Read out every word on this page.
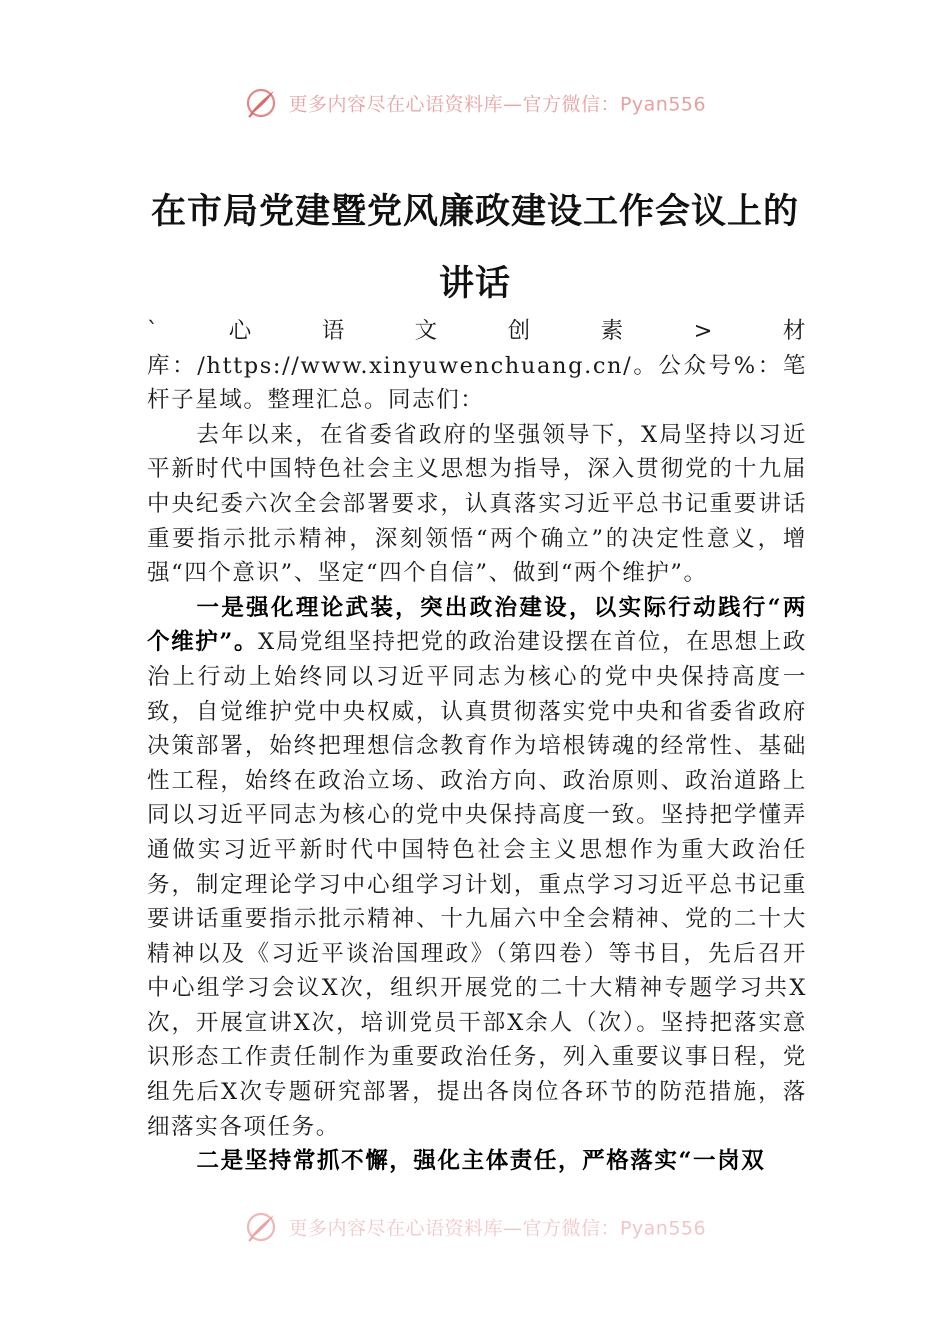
更多内容尽在心语资料库—官方微信：Pyan556
在市局党建暨党风廉政建设工作会议上的
讲话

`心语文创素>材库：/https://www.xinyuwenchuang.cn/。公众号%：笔杆子星域。整理汇总。同志们：

去年以来，在省委省政府的坚强领导下，X局坚持以习近平新时代中国特色社会主义思想为指导，深入贯彻党的十九届中央纪委六次全会部署要求，认真落实习近平总书记重要讲话重要指示批示精神，深刻领悟“两个确立”的决定性意义，增强“四个意识”、坚定“四个自信”、做到“两个维护”。

一是强化理论武装，突出政治建设，以实际行动践行“两个维护”。X局党组坚持把党的政治建设摆在首位，在思想上政治上行动上始终同以习近平同志为核心的党中央保持高度一致，自觉维护党中央权威，认真贯彻落实党中央和省委省政府决策部署，始终把理想信念教育作为培根铸魂的经常性、基础性工程，始终在政治立场、政治方向、政治原则、政治道路上同以习近平同志为核心的党中央保持高度一致。坚持把学懂弄通做实习近平新时代中国特色社会主义思想作为重大政治任务，制定理论学习中心组学习计划，重点学习习近平总书记重要讲话重要指示批示精神、十九届六中全会精神、党的二十大精神以及《习近平谈治国理政》（第四卷）等书目，先后召开中心组学习会议X次，组织开展党的二十大精神专题学习共X次，开展宣讲X次，培训党员干部X余人（次）。坚持把落实意识形态工作责任制作为重要政治任务，列入重要议事日程，党组先后X次专题研究部署，提出各岗位各环节的防范措施，落细落实各项任务。

二是坚持常抓不懈，强化主体责任，严格落实“一岗双

更多内容尽在心语资料库—官方微信：Pyan556
